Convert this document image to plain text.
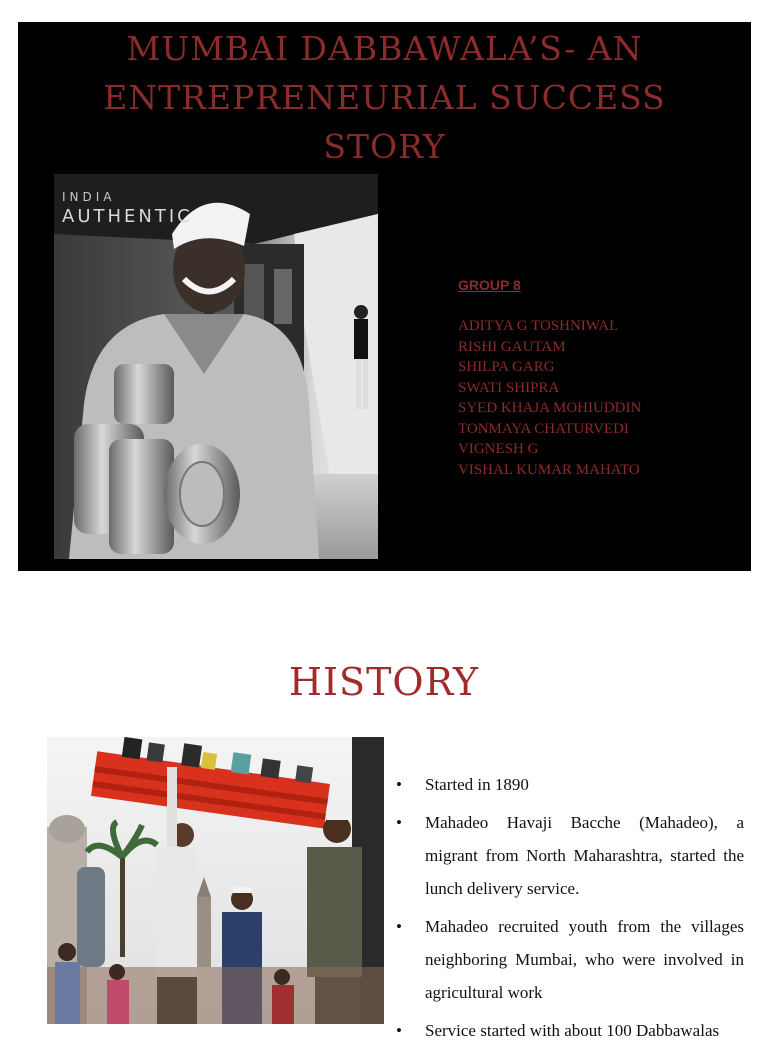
MUMBAI DABBAWALA’S- AN
ENTREPRENEURIAL SUCCESS
STORY
INDIA
AUTHENTIC
GROUP 8
ADITYA G TOSHNIWAL
RISHI GAUTAM
SHILPA GARG
SWATI SHIPRA
SYED KHAJA MOHIUDDIN
TONMAYA CHATURVEDI
VIGNESH G
VISHAL KUMAR MAHATO
HISTORY
• Started in 1890
• Mahadeo Havaji Bacche (Mahadeo), a migrant from North Maharashtra, started the lunch delivery service.
• Mahadeo recruited youth from the villages neighboring Mumbai, who were involved in agricultural work
• Service started with about 100 Dabbawalas
